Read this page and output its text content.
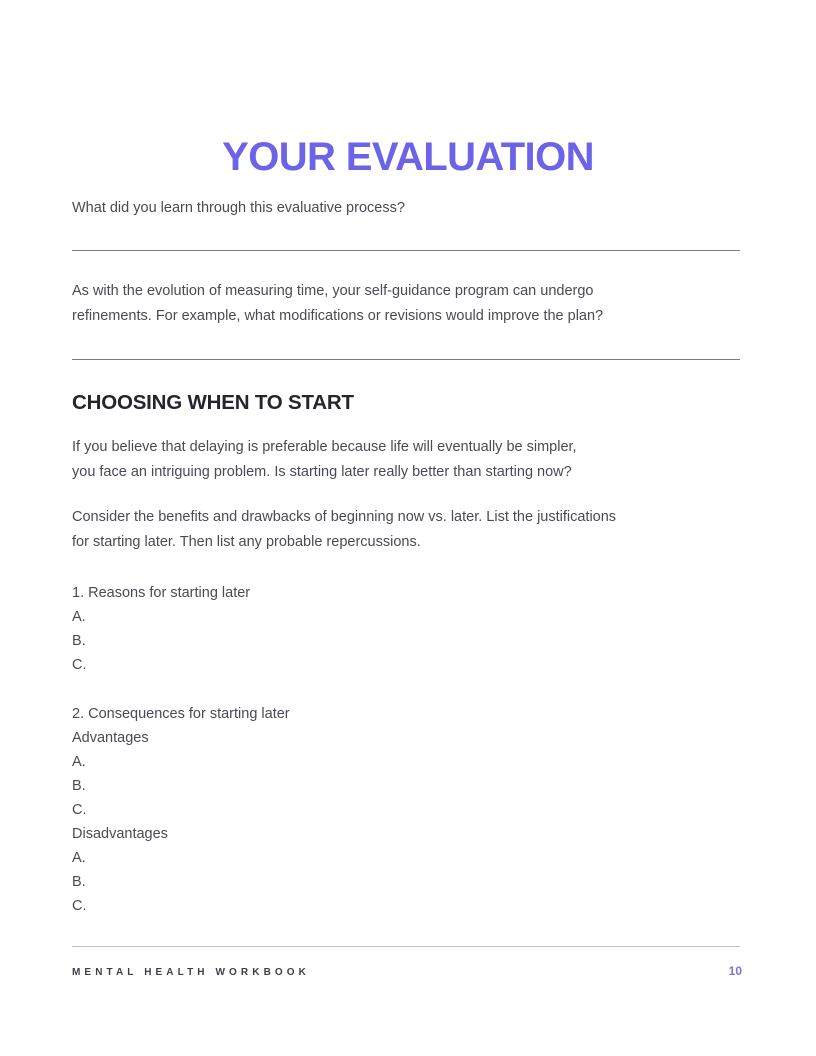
YOUR EVALUATION

What did you learn through this evaluative process?

As with the evolution of measuring time, your self-guidance program can undergo
refinements. For example, what modifications or revisions would improve the plan?

CHOOSING WHEN TO START

If you believe that delaying is preferable because life will eventually be simpler,
you face an intriguing problem. Is starting later really better than starting now?

Consider the benefits and drawbacks of beginning now vs. later. List the justifications
for starting later. Then list any probable repercussions.

1. Reasons for starting later

A.

B.

C.

2. Consequences for starting later

Advantages

A.

B.

C.

Disadvantages

A.

B.

C.

MENTAL HEALTH WORKBOOK	10
